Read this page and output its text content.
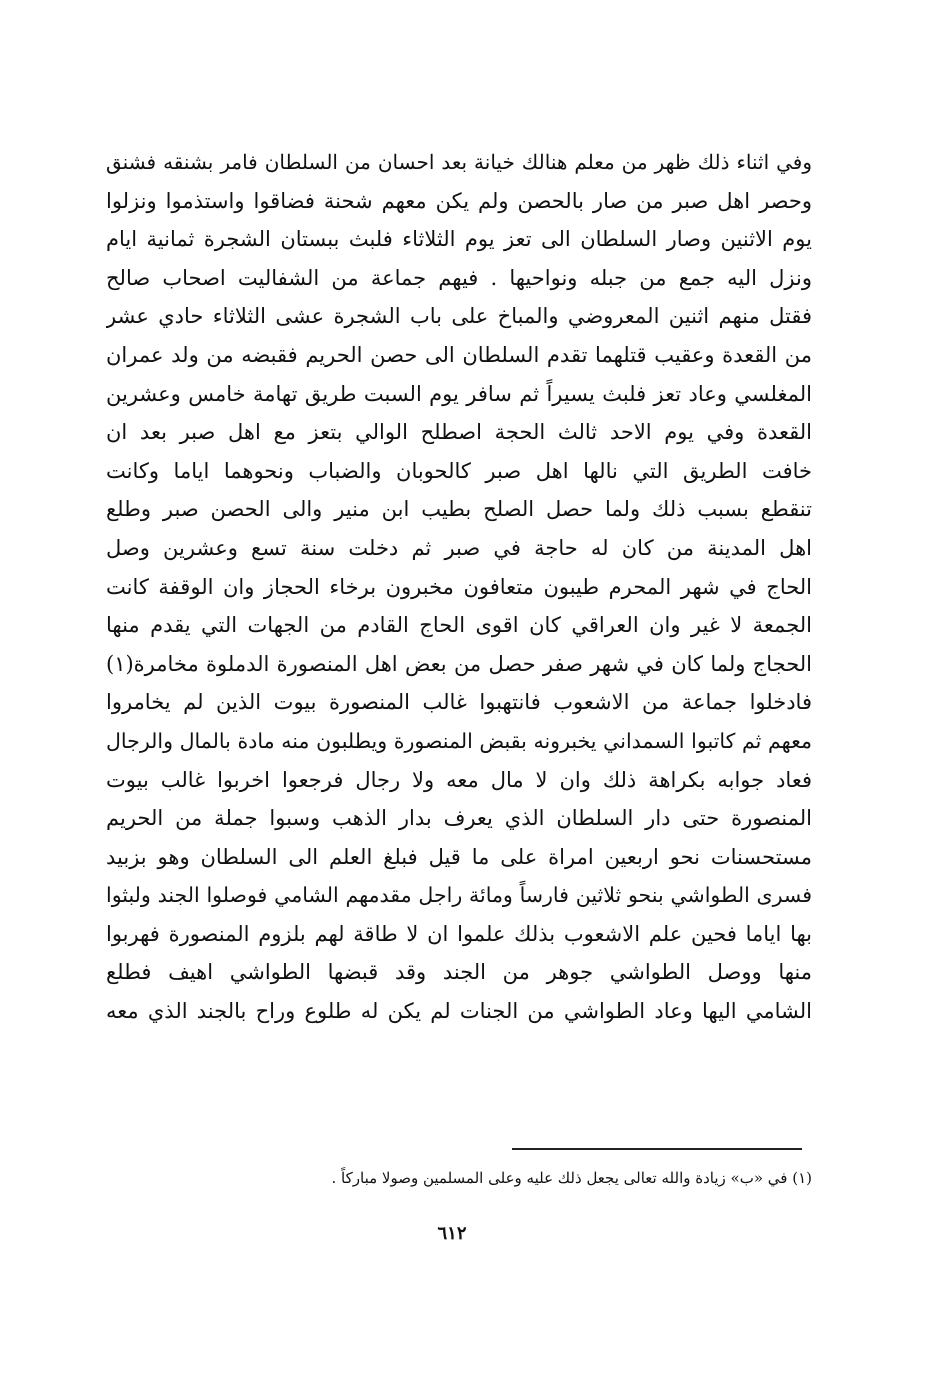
وفي اثناء ذلك ظهر من معلم هنالك خيانة بعد احسان من السلطان فامر بشنقه فشنق
وحصر اهل صبر من صار بالحصن ولم يكن معهم شحنة فضاقوا واستذموا ونزلوا
يوم الاثنين وصار السلطان الى تعز يوم الثلاثاء فلبث ببستان الشجرة ثمانية ايام
ونزل اليه جمع من جبله ونواحيها . فيهم جماعة من الشفاليت اصحاب صالح
فقتل منهم اثنين المعروضي والمباخ على باب الشجرة عشى الثلاثاء حادي عشر
من القعدة وعقيب قتلهما تقدم السلطان الى حصن الحريم فقبضه من ولد عمران
المغلسي وعاد تعز فلبث يسيراً ثم سافر يوم السبت طريق تهامة خامس وعشرين
القعدة وفي يوم الاحد ثالث الحجة اصطلح الوالي بتعز مع اهل صبر بعد ان
خافت الطريق التي نالها اهل صبر كالحوبان والضباب ونحوهما اياما وكانت
تنقطع بسبب ذلك ولما حصل الصلح بطيب ابن منير والى الحصن صبر وطلع
اهل المدينة من كان له حاجة في صبر ثم دخلت سنة تسع وعشرين وصل
الحاج في شهر المحرم طيبون متعافون مخبرون برخاء الحجاز وان الوقفة كانت
الجمعة لا غير وان العراقي كان اقوى الحاج القادم من الجهات التي يقدم منها
الحجاج ولما كان في شهر صفر حصل من بعض اهل المنصورة الدملوة مخامرة(١)
فادخلوا جماعة من الاشعوب فانتهبوا غالب المنصورة بيوت الذين لم يخامروا
معهم ثم كاتبوا السمداني يخبرونه بقبض المنصورة ويطلبون منه مادة بالمال والرجال
فعاد جوابه بكراهة ذلك وان لا مال معه ولا رجال فرجعوا اخربوا غالب بيوت
المنصورة حتى دار السلطان الذي يعرف بدار الذهب وسبوا جملة من الحريم
مستحسنات نحو اربعين امراة على ما قيل فبلغ العلم الى السلطان وهو بزبيد
فسرى الطواشي بنحو ثلاثين فارساً ومائة راجل مقدمهم الشامي فوصلوا الجند ولبثوا
بها اياما فحين علم الاشعوب بذلك علموا ان لا طاقة لهم بلزوم المنصورة فهربوا
منها ووصل الطواشي جوهر من الجند وقد قبضها الطواشي اهيف فطلع
الشامي اليها وعاد الطواشي من الجنات لم يكن له طلوع وراح بالجند الذي معه
(١) في «ب» زيادة والله تعالى يجعل ذلك عليه وعلى المسلمين وصولا مباركاً .
٦١٢
